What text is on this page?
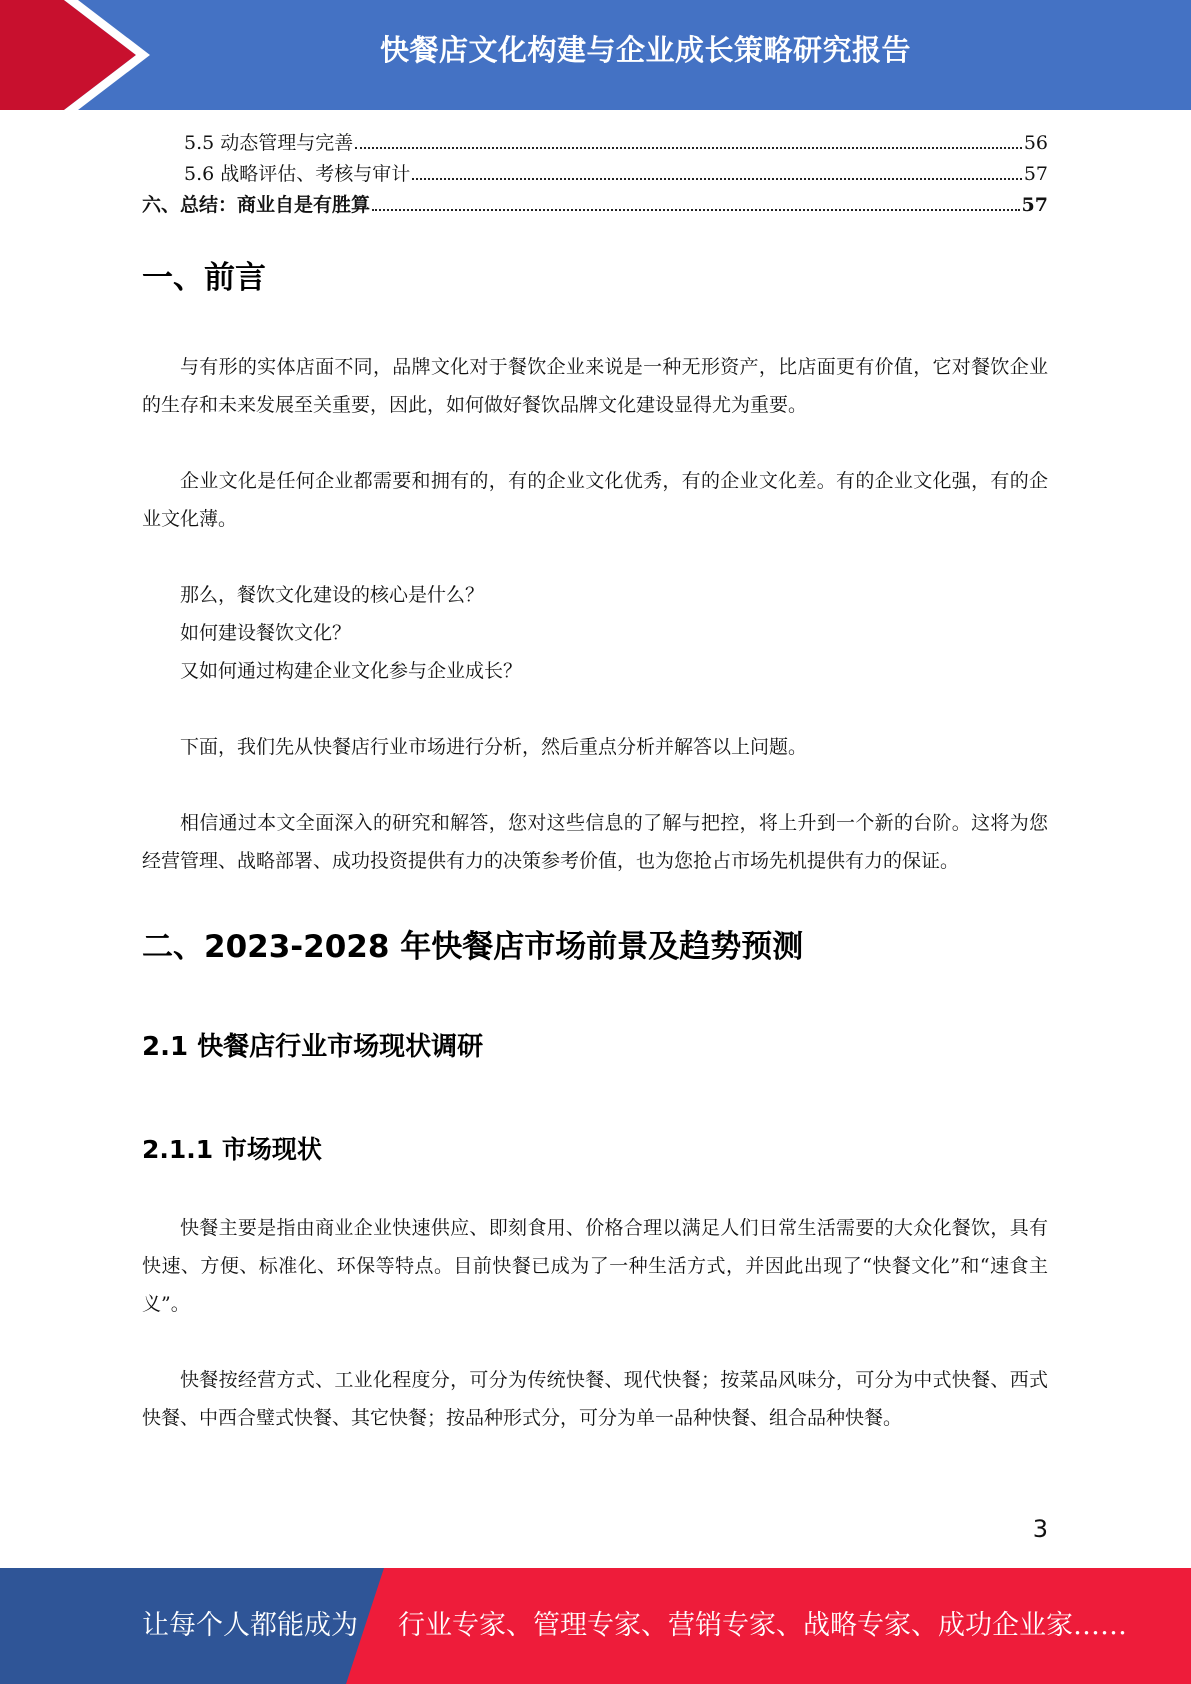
快餐店文化构建与企业成长策略研究报告
5.5 动态管理与完善	56
5.6 战略评估、考核与审计	57
六、总结：商业自是有胜算	57
一、前言

与有形的实体店面不同，品牌文化对于餐饮企业来说是一种无形资产，比店面更有价值，它对餐饮企业的生存和未来发展至关重要，因此，如何做好餐饮品牌文化建设显得尤为重要。

企业文化是任何企业都需要和拥有的，有的企业文化优秀，有的企业文化差。有的企业文化强，有的企业文化薄。

那么，餐饮文化建设的核心是什么？

如何建设餐饮文化？

又如何通过构建企业文化参与企业成长？

下面，我们先从快餐店行业市场进行分析，然后重点分析并解答以上问题。

相信通过本文全面深入的研究和解答，您对这些信息的了解与把控，将上升到一个新的台阶。这将为您经营管理、战略部署、成功投资提供有力的决策参考价值，也为您抢占市场先机提供有力的保证。

二、2023-2028 年快餐店市场前景及趋势预测
2.1 快餐店行业市场现状调研
2.1.1 市场现状

快餐主要是指由商业企业快速供应、即刻食用、价格合理以满足人们日常生活需要的大众化餐饮，具有快速、方便、标准化、环保等特点。目前快餐已成为了一种生活方式，并因此出现了“快餐文化”和“速食主义”。

快餐按经营方式、工业化程度分，可分为传统快餐、现代快餐；按菜品风味分，可分为中式快餐、西式快餐、中西合璧式快餐、其它快餐；按品种形式分，可分为单一品种快餐、组合品种快餐。

3
让每个人都能成为 行业专家、管理专家、营销专家、战略专家、成功企业家……
